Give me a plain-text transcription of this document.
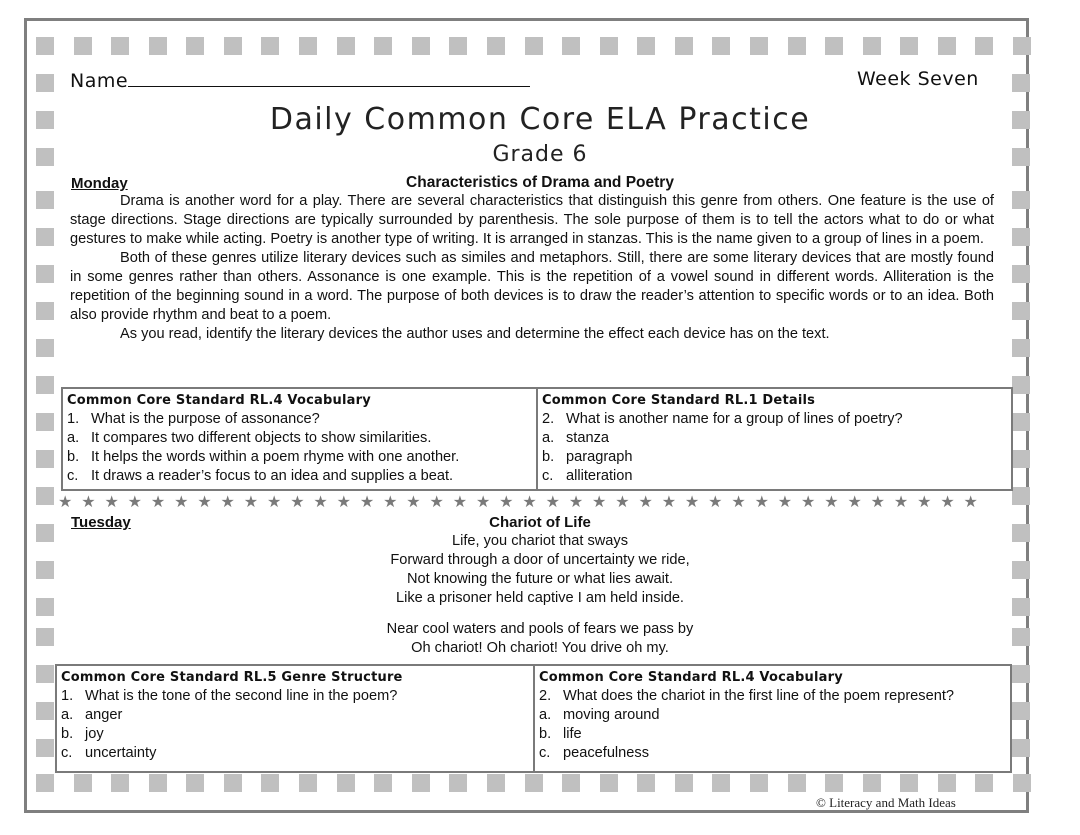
Name	Week Seven
Daily Common Core ELA Practice
Grade 6
Monday	Characteristics of Drama and Poetry

Drama is another word for a play. There are several characteristics that distinguish this genre from others. One feature is the use of stage directions. Stage directions are typically surrounded by parenthesis. The sole purpose of them is to tell the actors what to do or what gestures to make while acting. Poetry is another type of writing. It is arranged in stanzas. This is the name given to a group of lines in a poem.

Both of these genres utilize literary devices such as similes and metaphors. Still, there are some literary devices that are mostly found in some genres rather than others. Assonance is one example. This is the repetition of a vowel sound in different words. Alliteration is the repetition of the beginning sound in a word. The purpose of both devices is to draw the reader’s attention to specific words or to an idea. Both also provide rhythm and beat to a poem.

As you read, identify the literary devices the author uses and determine the effect each device has on the text.

Common Core Standard RL.4 Vocabulary
1. What is the purpose of assonance?
a. It compares two different objects to show similarities.
b. It helps the words within a poem rhyme with one another.
c. It draws a reader’s focus to an idea and supplies a beat.
Common Core Standard RL.1 Details
2. What is another name for a group of lines of poetry?
a. stanza
b. paragraph
c. alliteration
★ ★ ★ ★ ★ ★ ★ ★ ★ ★ ★ ★ ★ ★ ★ ★ ★ ★ ★ ★ ★ ★ ★ ★ ★ ★ ★ ★ ★ ★ ★ ★ ★ ★ ★ ★ ★ ★ ★ ★
Tuesday	Chariot of Life
Life, you chariot that sways
Forward through a door of uncertainty we ride,
Not knowing the future or what lies await.
Like a prisoner held captive I am held inside.
Near cool waters and pools of fears we pass by
Oh chariot! Oh chariot! You drive oh my.
Common Core Standard RL.5 Genre Structure
1. What is the tone of the second line in the poem?
a. anger
b. joy
c. uncertainty
Common Core Standard RL.4 Vocabulary
2. What does the chariot in the first line of the poem represent?
a. moving around
b. life
c. peacefulness
© Literacy and Math Ideas
